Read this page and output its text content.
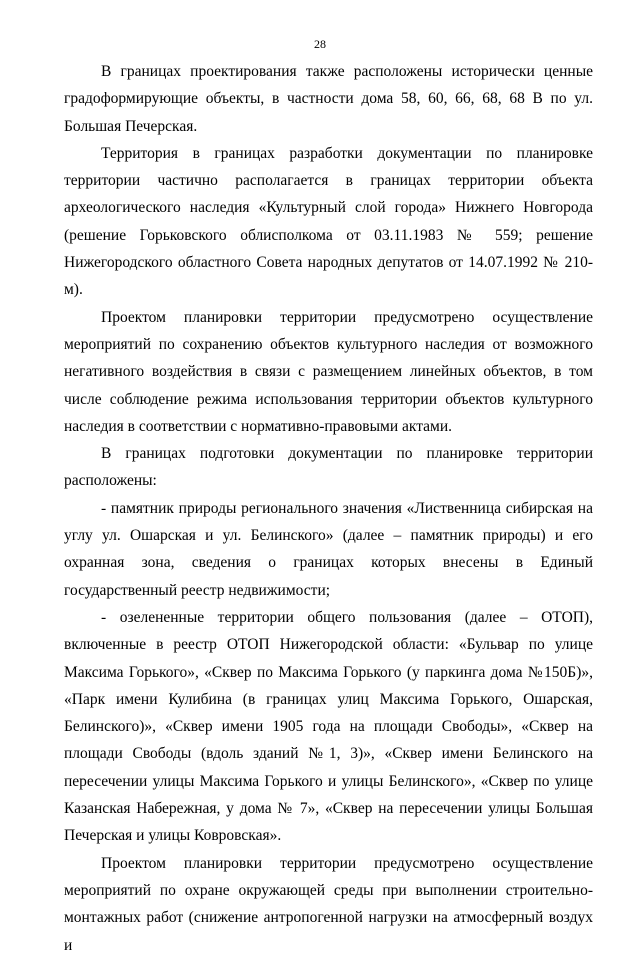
28

В границах проектирования также расположены исторически ценные градоформирующие объекты, в частности дома 58, 60, 66, 68, 68 В по ул. Большая Печерская.

Территория в границах разработки документации по планировке территории частично располагается в границах территории объекта археологического наследия «Культурный слой города» Нижнего Новгорода (решение Горьковского облисполкома от 03.11.1983 № 559; решение Нижегородского областного Совета народных депутатов от 14.07.1992 № 210-м).

Проектом планировки территории предусмотрено осуществление мероприятий по сохранению объектов культурного наследия от возможного негативного воздействия в связи с размещением линейных объектов, в том числе соблюдение режима использования территории объектов культурного наследия в соответствии с нормативно-правовыми актами.

В границах подготовки документации по планировке территории расположены:

- памятник природы регионального значения «Лиственница сибирская на углу ул. Ошарская и ул. Белинского» (далее – памятник природы) и его охранная зона, сведения о границах которых внесены в Единый государственный реестр недвижимости;

- озелененные территории общего пользования (далее – ОТОП), включенные в реестр ОТОП Нижегородской области: «Бульвар по улице Максима Горького», «Сквер по Максима Горького (у паркинга дома №150Б)», «Парк имени Кулибина (в границах улиц Максима Горького, Ошарская, Белинского)», «Сквер имени 1905 года на площади Свободы», «Сквер на площади Свободы (вдоль зданий №1, 3)», «Сквер имени Белинского на пересечении улицы Максима Горького и улицы Белинского», «Сквер по улице Казанская Набережная, у дома № 7», «Сквер на пересечении улицы Большая Печерская и улицы Ковровская».

Проектом планировки территории предусмотрено осуществление мероприятий по охране окружающей среды при выполнении строительно-монтажных работ (снижение антропогенной нагрузки на атмосферный воздух и
